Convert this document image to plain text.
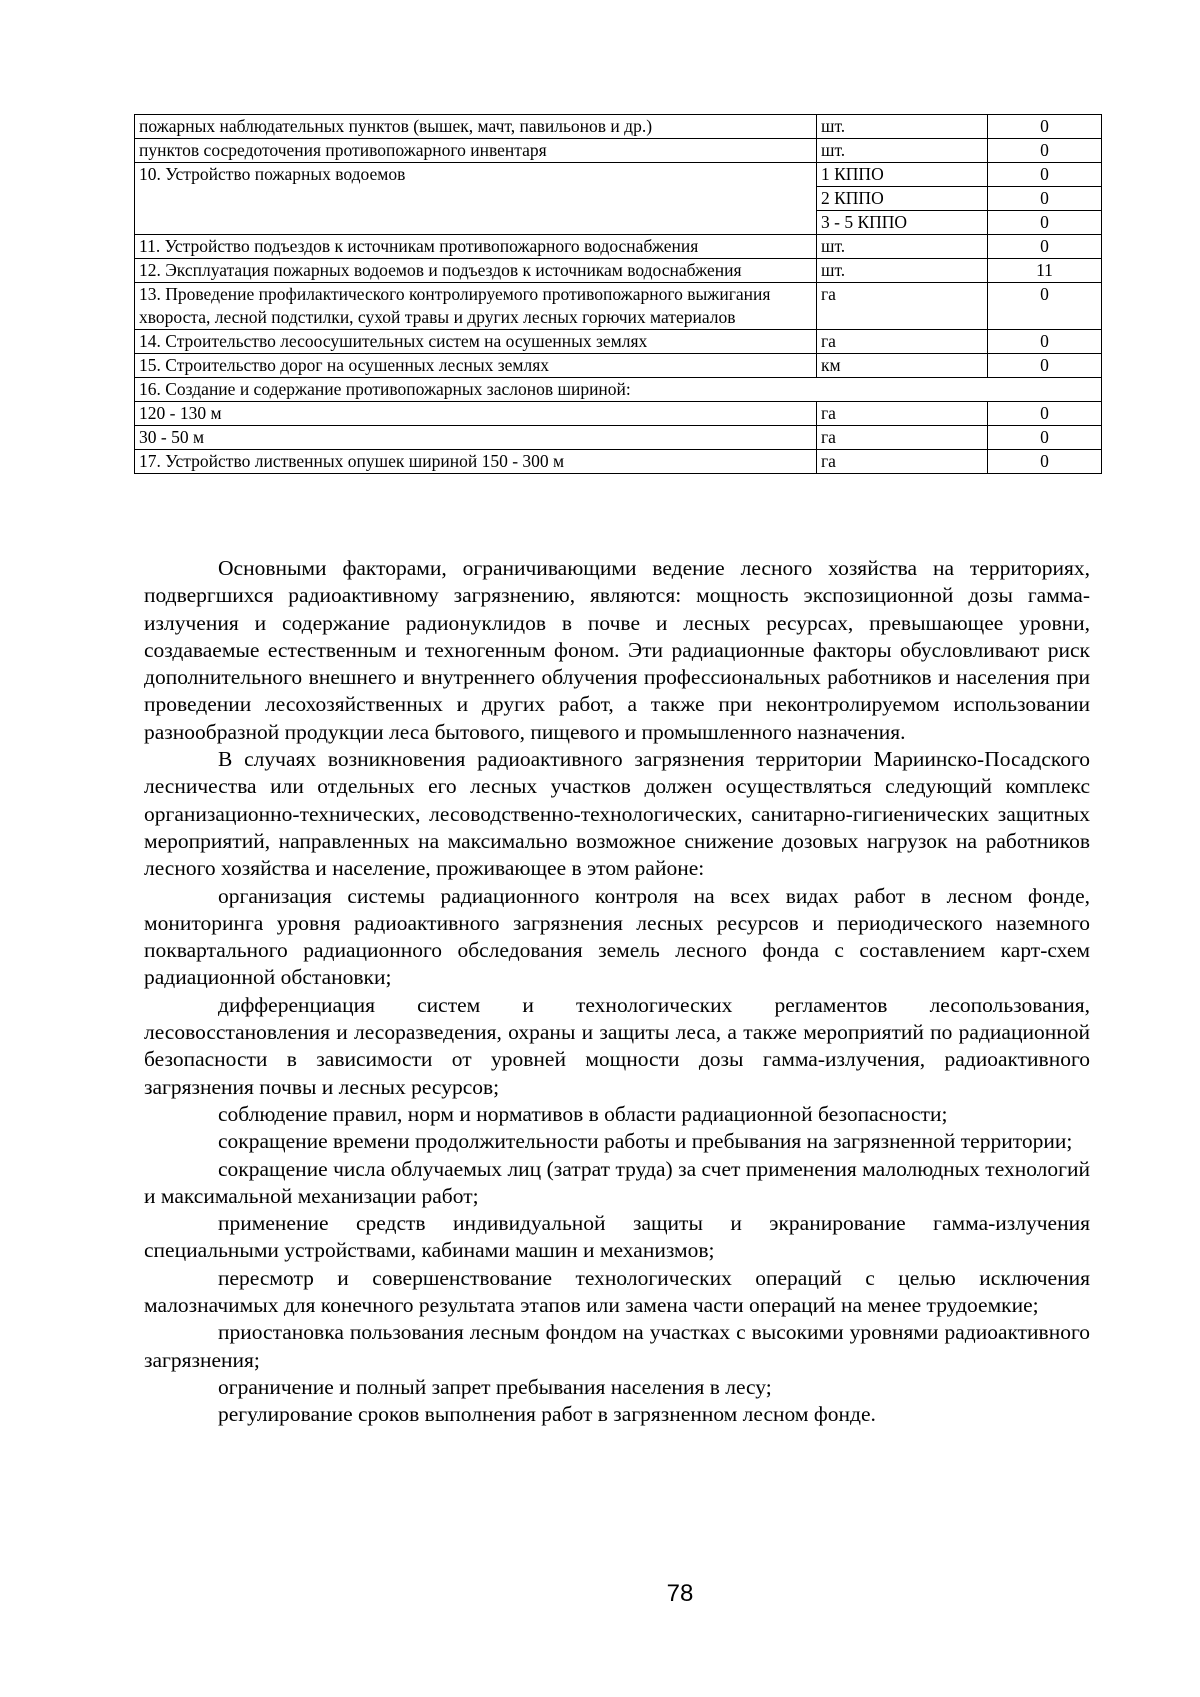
пожарных наблюдательных пунктов (вышек, мачт, павильонов и др.)	шт.	0
пунктов сосредоточения противопожарного инвентаря	шт.	0
10. Устройство пожарных водоемов	1 КППО	0
	2 КППО	0
	3 - 5 КППО	0
11. Устройство подъездов к источникам противопожарного водоснабжения	шт.	0
12. Эксплуатация пожарных водоемов и подъездов к источникам водоснабжения	шт.	11
13. Проведение профилактического контролируемого противопожарного выжигания хвороста, лесной подстилки, сухой травы и других лесных горючих материалов	га	0
14. Строительство лесоосушительных систем на осушенных землях	га	0
15. Строительство дорог на осушенных лесных землях	км	0
16. Создание и содержание противопожарных заслонов шириной:		
120 - 130 м	га	0
30 - 50 м	га	0
17. Устройство лиственных опушек шириной 150 - 300 м	га	0

Основными факторами, ограничивающими ведение лесного хозяйства на территориях, подвергшихся радиоактивному загрязнению, являются: мощность экспозиционной дозы гамма-излучения и содержание радионуклидов в почве и лесных ресурсах, превышающее уровни, создаваемые естественным и техногенным фоном. Эти радиационные факторы обусловливают риск дополнительного внешнего и внутреннего облучения профессиональных работников и населения при проведении лесохозяйственных и других работ, а также при неконтролируемом использовании разнообразной продукции леса бытового, пищевого и промышленного назначения.

В случаях возникновения радиоактивного загрязнения территории Мариинско-Посадского лесничества или отдельных его лесных участков должен осуществляться следующий комплекс организационно-технических, лесоводственно-технологических, санитарно-гигиенических защитных мероприятий, направленных на максимально возможное снижение дозовых нагрузок на работников лесного хозяйства и население, проживающее в этом районе:

организация системы радиационного контроля на всех видах работ в лесном фонде, мониторинга уровня радиоактивного загрязнения лесных ресурсов и периодического наземного поквартального радиационного обследования земель лесного фонда с составлением карт-схем радиационной обстановки;

дифференциация систем и технологических регламентов лесопользования, лесовосстановления и лесоразведения, охраны и защиты леса, а также мероприятий по радиационной безопасности в зависимости от уровней мощности дозы гамма-излучения, радиоактивного загрязнения почвы и лесных ресурсов;

соблюдение правил, норм и нормативов в области радиационной безопасности;

сокращение времени продолжительности работы и пребывания на загрязненной территории;

сокращение числа облучаемых лиц (затрат труда) за счет применения малолюдных технологий и максимальной механизации работ;

применение средств индивидуальной защиты и экранирование гамма-излучения специальными устройствами, кабинами машин и механизмов;

пересмотр и совершенствование технологических операций с целью исключения малозначимых для конечного результата этапов или замена части операций на менее трудоемкие;

приостановка пользования лесным фондом на участках с высокими уровнями радиоактивного загрязнения;

ограничение и полный запрет пребывания населения в лесу;

регулирование сроков выполнения работ в загрязненном лесном фонде.

78
